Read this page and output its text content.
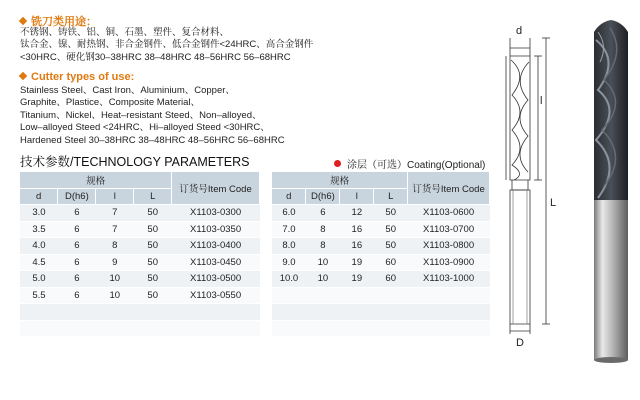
铣刀类用途：
不锈钢、铸铁、铝、铜、石墨、塑件、复合材料、
钛合金、镍、耐热钢、非合金钢件、低合金钢件<24HRC、高合金钢件
<30HRC、硬化钢30–38HRC 38–48HRC 48–56HRC 56–68HRC
Cutter types of use:
Stainless Steel、Cast Iron、Aluminium、Copper、
Graphite、Plastice、Composite Material、
Titanium、Nickel、Heat–resistant Steed、Non–alloyed、
Low–alloyed Steed <24HRC、Hi–alloyed Steed <30HRC、
Hardened Steel 30–38HRC 38–48HRC 48–56HRC 56–68HRC
技术参数/TECHNOLOGY PARAMETERS	涂层（可选）Coating(Optional)
规格				订货号Item Code
d	D(h6)	l	L	
3.0	6	7	50	X1103-0300
3.5	6	7	50	X1103-0350
4.0	6	8	50	X1103-0400
4.5	6	9	50	X1103-0450
5.0	6	10	50	X1103-0500
5.5	6	10	50	X1103-0550

规格				订货号Item Code
d	D(h6)	l	L	
6.0	6	12	50	X1103-0600
7.0	8	16	50	X1103-0700
8.0	8	16	50	X1103-0800
9.0	10	19	60	X1103-0900
10.0	10	19	60	X1103-1000

d
l
L
D
